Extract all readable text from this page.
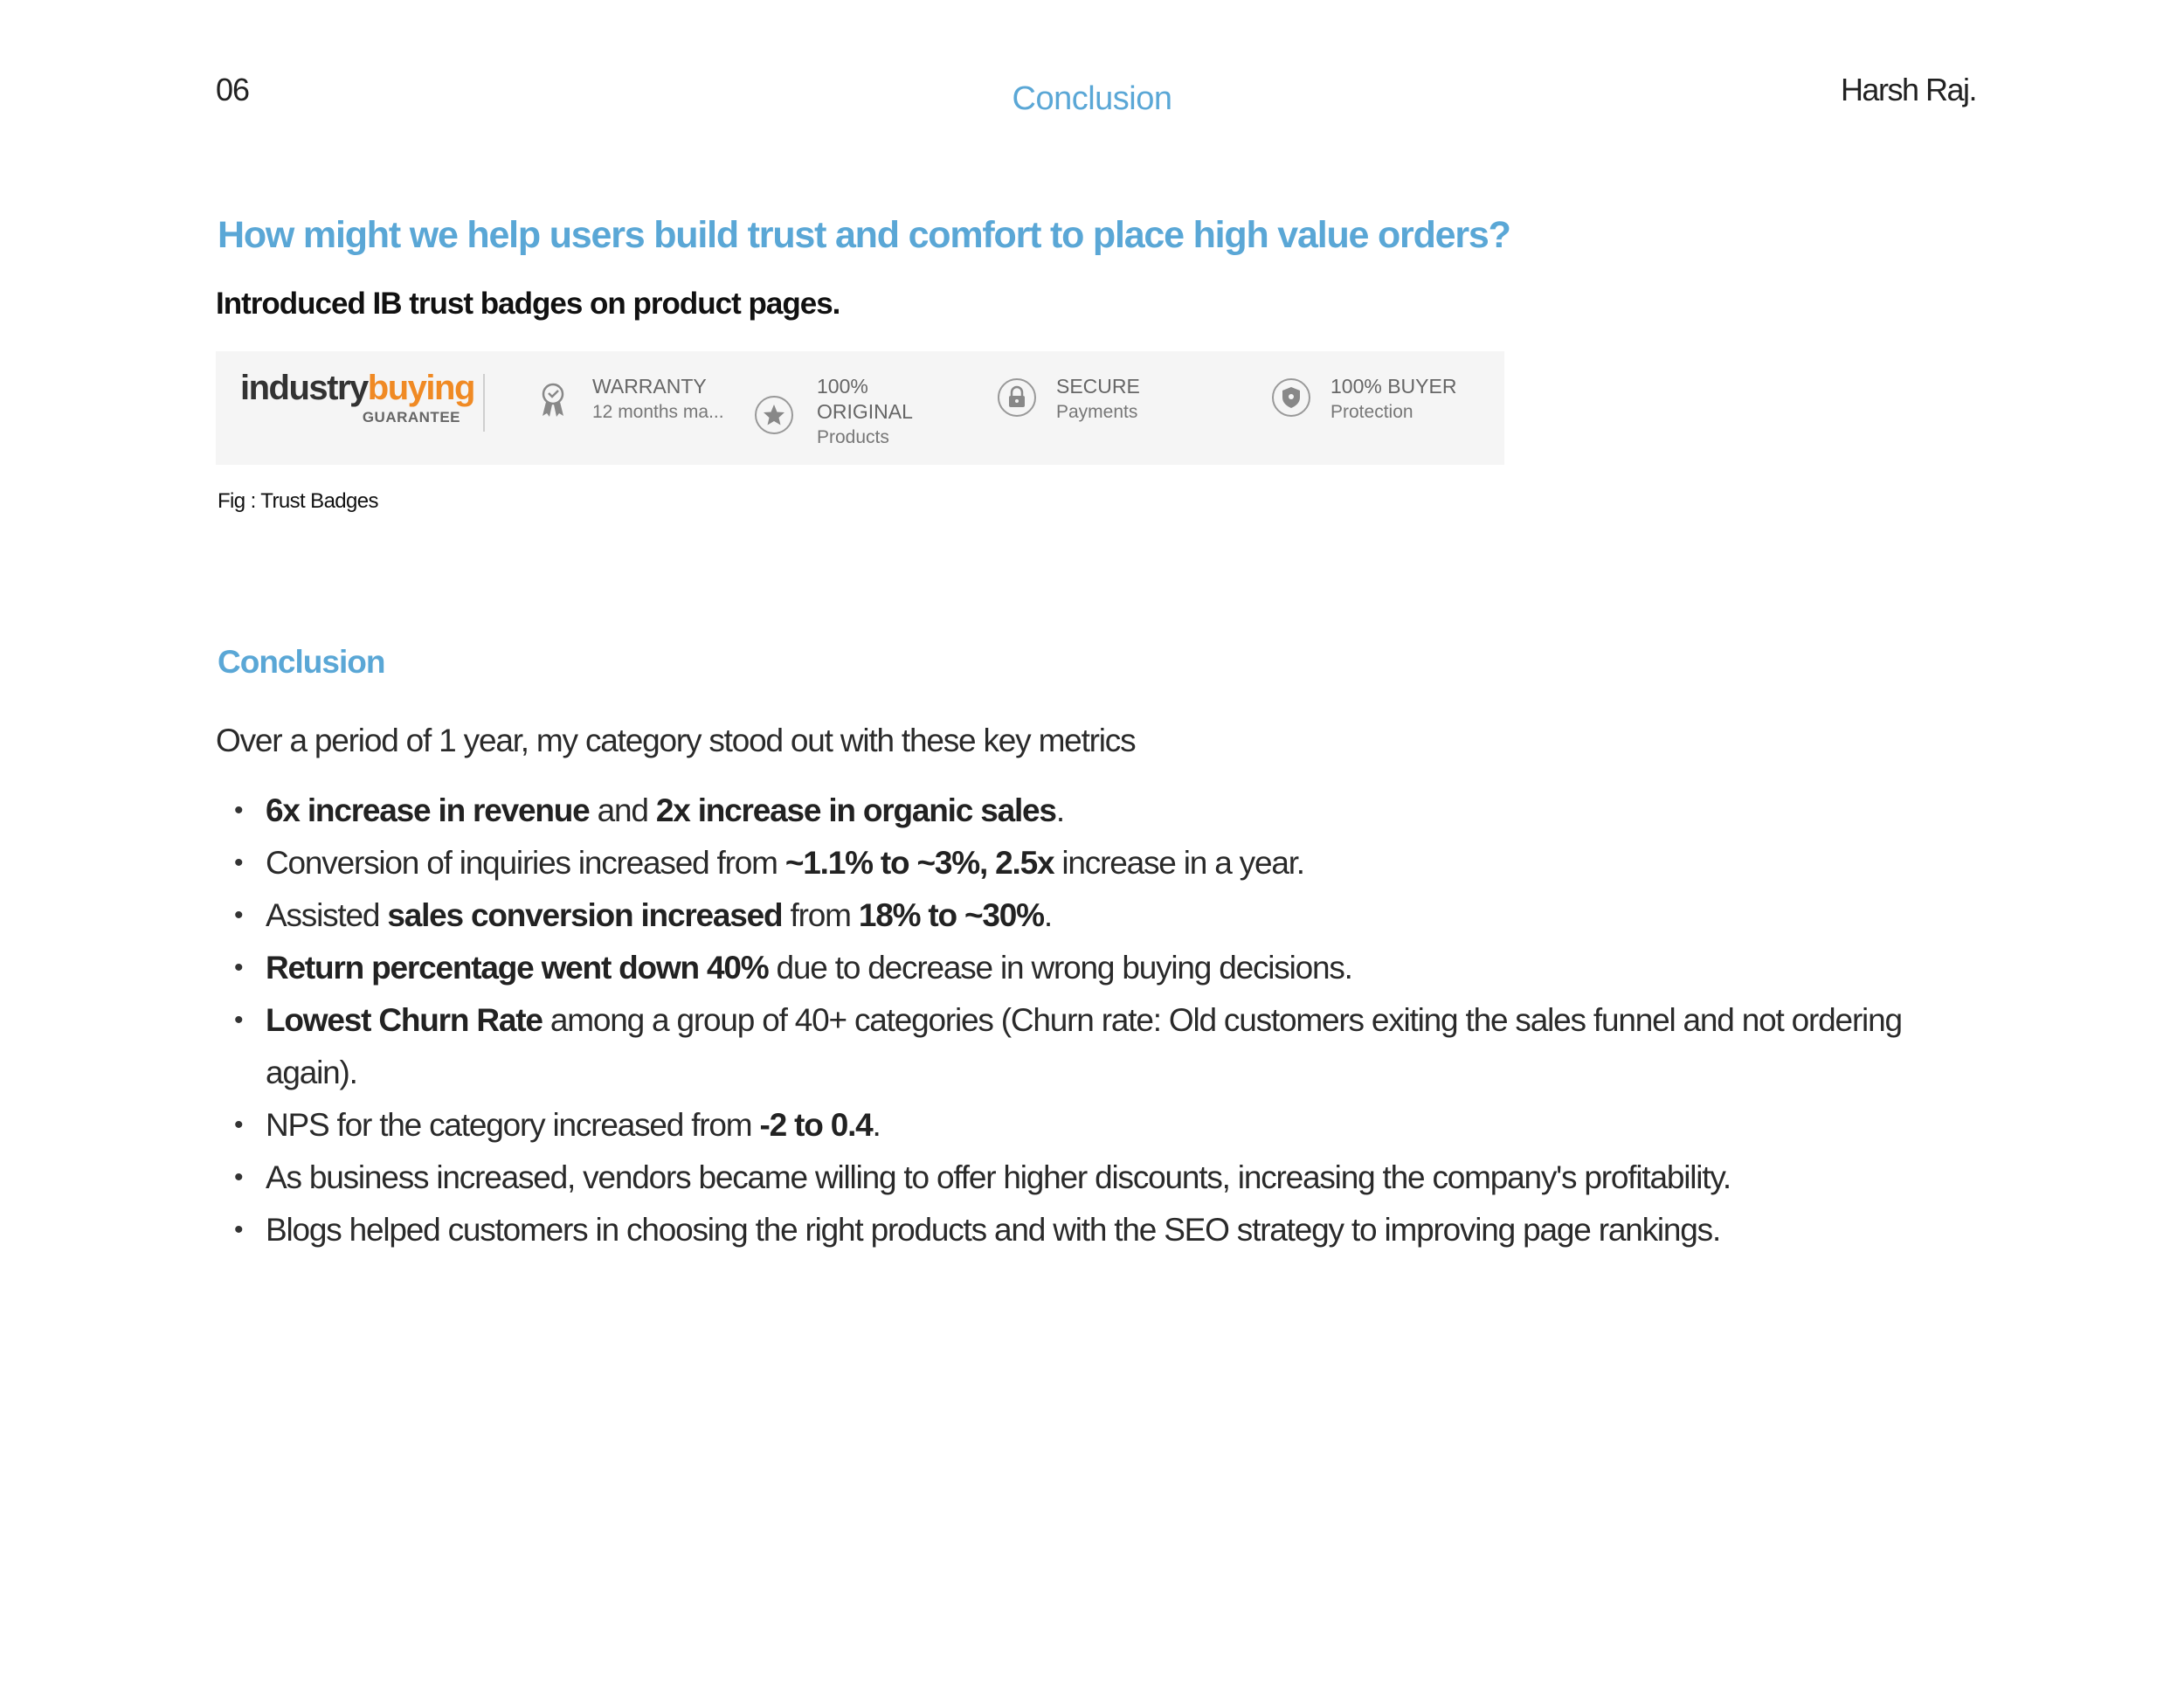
06	Conclusion	Harsh Raj.
How might we help users build trust and comfort to place high value orders?
Introduced IB trust badges on product pages.
industrybuying
GUARANTEE
WARRANTY
12 months ma...
100%
ORIGINAL
Products
SECURE
Payments
100% BUYER
Protection
Fig : Trust Badges
Conclusion
Over a period of 1 year, my category stood out with these key metrics
• 6x increase in revenue and 2x increase in organic sales.
• Conversion of inquiries increased from ~1.1% to ~3%, 2.5x increase in a year.
• Assisted sales conversion increased from 18% to ~30%.
• Return percentage went down 40% due to decrease in wrong buying decisions.
• Lowest Churn Rate among a group of 40+ categories (Churn rate: Old customers exiting the sales funnel and not ordering again).
• NPS for the category increased from -2 to 0.4.
• As business increased, vendors became willing to offer higher discounts, increasing the company's profitability.
• Blogs helped customers in choosing the right products and with the SEO strategy to improving page rankings.
